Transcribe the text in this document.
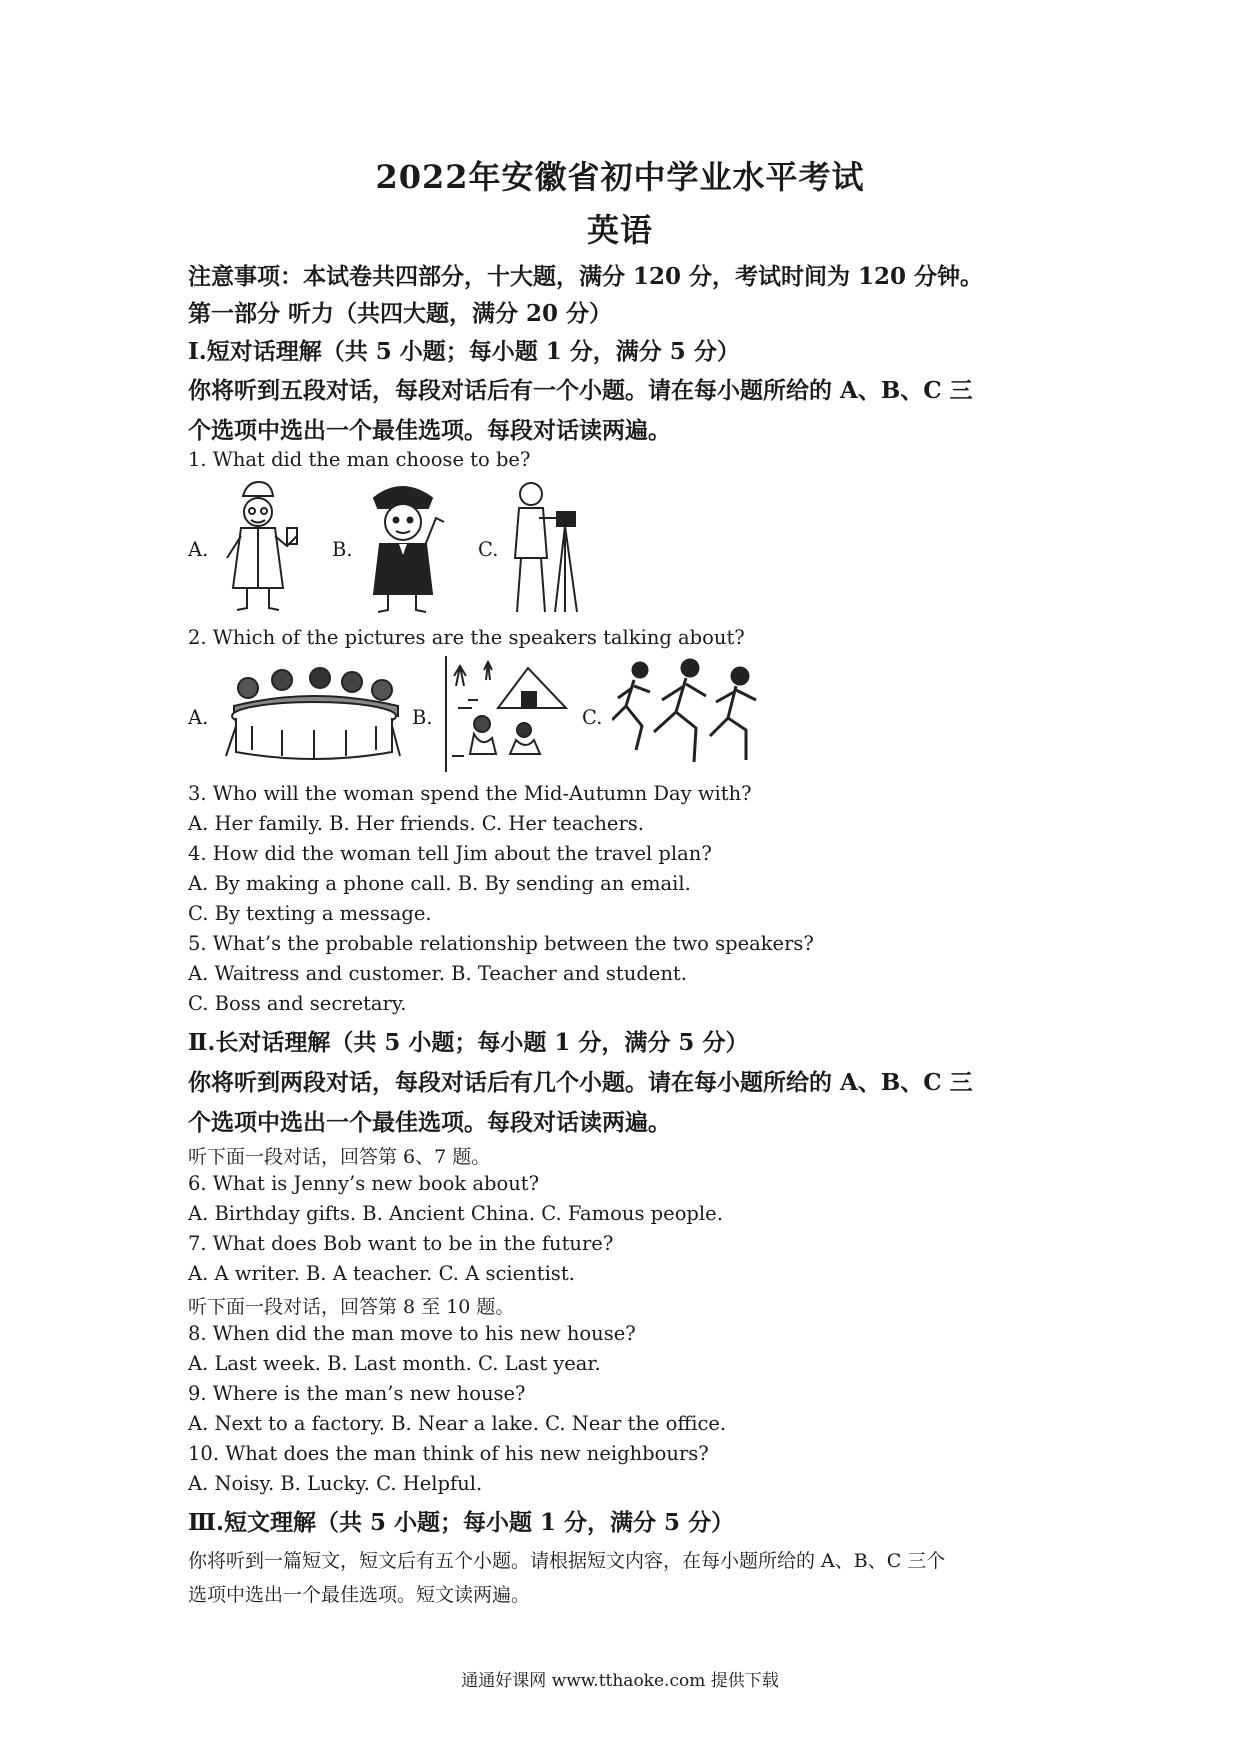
2022年安徽省初中学业水平考试
英语
注意事项：本试卷共四部分，十大题，满分 120 分，考试时间为 120 分钟。
第一部分 听力（共四大题，满分 20 分）
Ⅰ.短对话理解（共 5 小题；每小题 1 分，满分 5 分）
你将听到五段对话，每段对话后有一个小题。请在每小题所给的 A、B、C 三
个选项中选出一个最佳选项。每段对话读两遍。
1. What did the man choose to be?
A.	B.	C.
2. Which of the pictures are the speakers talking about?
A.	B.	C.
3. Who will the woman spend the Mid-Autumn Day with?
A. Her family. B. Her friends. C. Her teachers.
4. How did the woman tell Jim about the travel plan?
A. By making a phone call. B. By sending an email.
C. By texting a message.
5. What’s the probable relationship between the two speakers?
A. Waitress and customer. B. Teacher and student.
C. Boss and secretary.
Ⅱ.长对话理解（共 5 小题；每小题 1 分，满分 5 分）
你将听到两段对话，每段对话后有几个小题。请在每小题所给的 A、B、C 三
个选项中选出一个最佳选项。每段对话读两遍。
听下面一段对话，回答第 6、7 题。
6. What is Jenny’s new book about?
A. Birthday gifts. B. Ancient China. C. Famous people.
7. What does Bob want to be in the future?
A. A writer. B. A teacher. C. A scientist.
听下面一段对话，回答第 8 至 10 题。
8. When did the man move to his new house?
A. Last week. B. Last month. C. Last year.
9. Where is the man’s new house?
A. Next to a factory. B. Near a lake. C. Near the office.
10. What does the man think of his new neighbours?
A. Noisy. B. Lucky. C. Helpful.
Ⅲ.短文理解（共 5 小题；每小题 1 分，满分 5 分）
你将听到一篇短文，短文后有五个小题。请根据短文内容，在每小题所给的 A、B、C 三个
选项中选出一个最佳选项。短文读两遍。
通通好课网 www.tthaoke.com 提供下载
